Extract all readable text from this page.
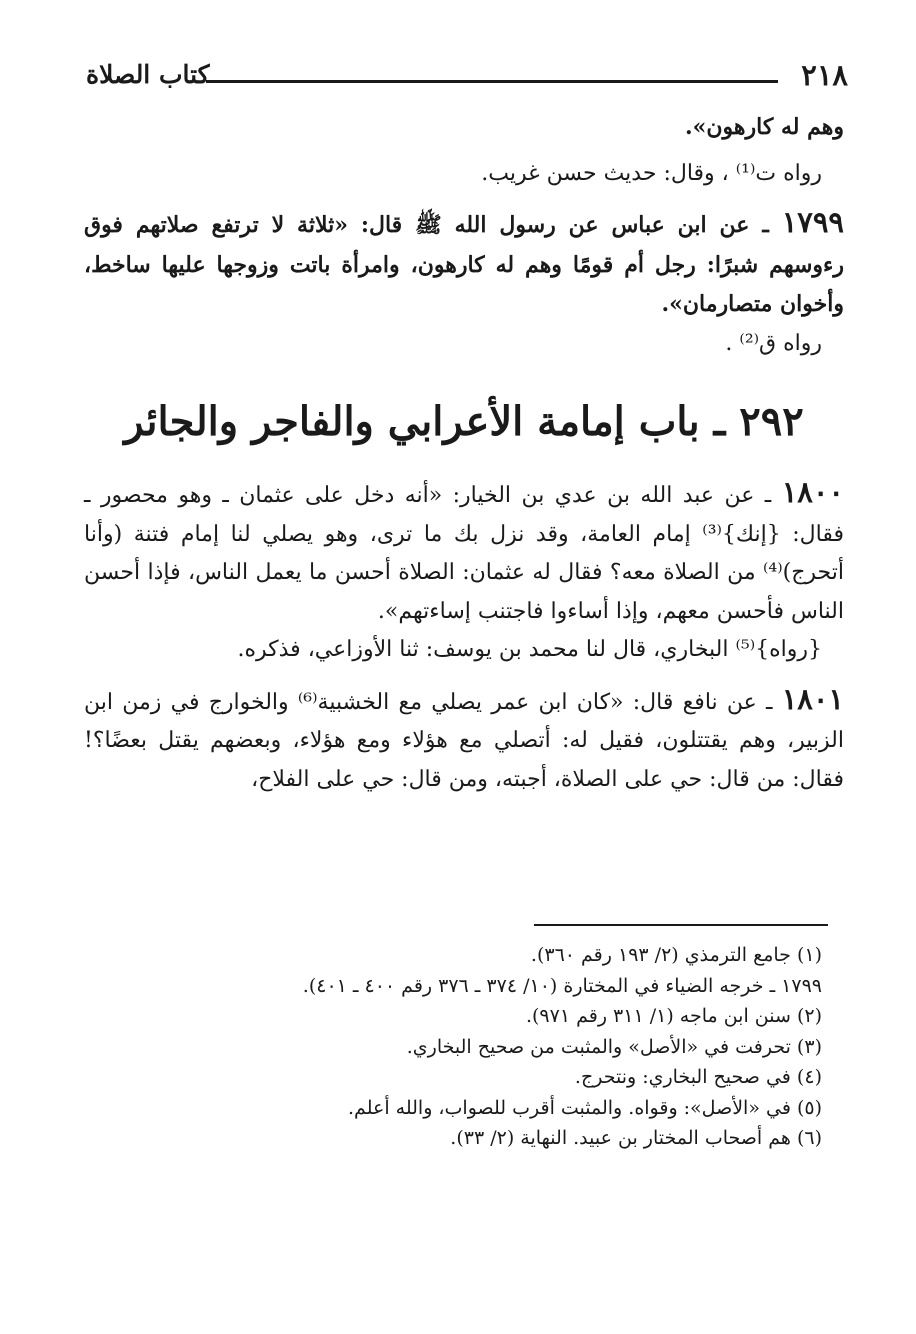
٢١٨
كتاب الصلاة

وهم له كارهون».

رواه ت⁽¹⁾ ، وقال: حديث حسن غريب.

١٧٩٩ ـ عن ابن عباس عن رسول الله ﷺ قال: «ثلاثة لا ترتفع صلاتهم فوق رءوسهم شبرًا: رجل أم قومًا وهم له كارهون، وامرأة باتت وزوجها عليها ساخط، وأخوان متصارمان».

رواه ق⁽²⁾ .

٢٩٢ ـ باب إمامة الأعرابي والفاجر والجائر

١٨٠٠ ـ عن عبد الله بن عدي بن الخيار: «أنه دخل على عثمان ـ وهو محصور ـ فقال: {إنك}⁽³⁾ إمام العامة، وقد نزل بك ما ترى، وهو يصلي لنا إمام فتنة (وأنا أتحرج)⁽⁴⁾ من الصلاة معه؟ فقال له عثمان: الصلاة أحسن ما يعمل الناس، فإذا أحسن الناس فأحسن معهم، وإذا أساءوا فاجتنب إساءتهم».

{رواه}⁽⁵⁾ البخاري، قال لنا محمد بن يوسف: ثنا الأوزاعي، فذكره.

١٨٠١ ـ عن نافع قال: «كان ابن عمر يصلي مع الخشبية⁽⁶⁾ والخوارج في زمن ابن الزبير، وهم يقتتلون، فقيل له: أتصلي مع هؤلاء ومع هؤلاء، وبعضهم يقتل بعضًا؟! فقال: من قال: حي على الصلاة، أجبته، ومن قال: حي على الفلاح،

(١) جامع الترمذي (٢/ ١٩٣ رقم ٣٦٠).

١٧٩٩ ـ خرجه الضياء في المختارة (١٠/ ٣٧٤ ـ ٣٧٦ رقم ٤٠٠ ـ ٤٠١).

(٢) سنن ابن ماجه (١/ ٣١١ رقم ٩٧١).

(٣) تحرفت في «الأصل» والمثبت من صحيح البخاري.

(٤) في صحيح البخاري: ونتحرج.

(٥) في «الأصل»: وقواه. والمثبت أقرب للصواب، والله أعلم.

(٦) هم أصحاب المختار بن عبيد. النهاية (٢/ ٣٣).
